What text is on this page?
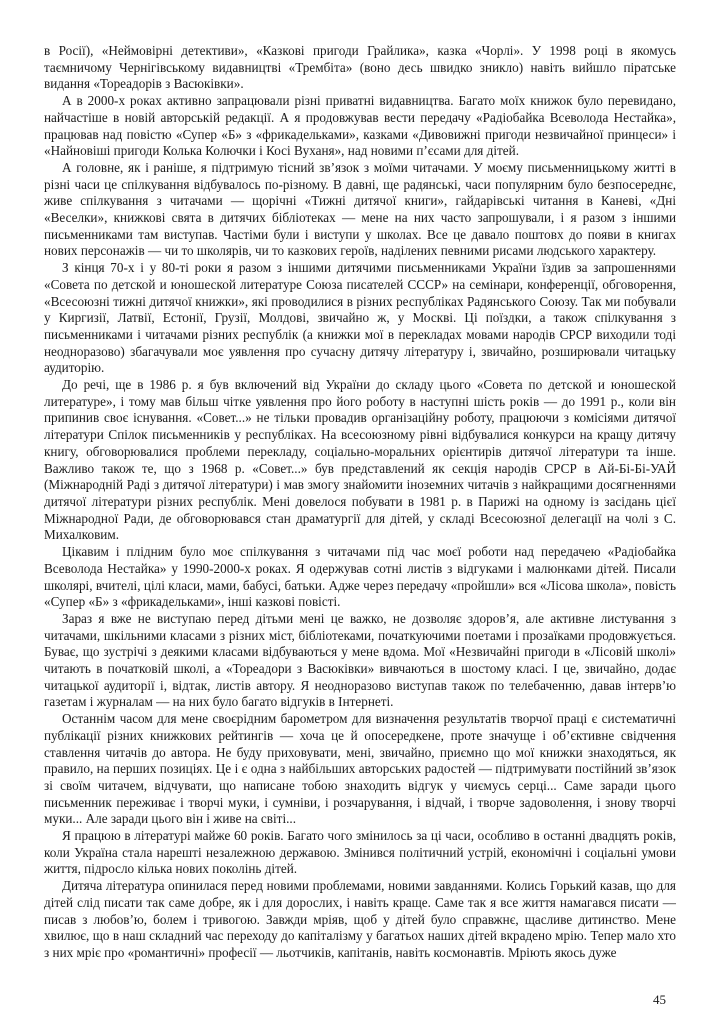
в Росії), «Неймовірні детективи», «Казкові пригоди Грайлика», казка «Чорлі». У 1998 році в якомусь таємничому Чернігівському видавництві «Трембіта» (воно десь швидко зникло) навіть вийшло піратське видання «Тореадорів з Васюківки».

А в 2000-х роках активно запрацювали різні приватні видавництва. Багато моїх книжок було перевидано, найчастіше в новій авторській редакції. А я продовжував вести передачу «Радіобайка Всеволода Нестайка», працював над повістю «Супер «Б» з «фрикадельками», казками «Дивовижні пригоди незвичайної принцеси» і «Найновіші пригоди Колька Колючки і Косі Вуханя», над новими п’єсами для дітей.

А головне, як і раніше, я підтримую тісний зв’язок з моїми читачами. У моєму письменницькому житті в різні часи це спілкування відбувалось по-різному. В давні, ще радянські, часи популярним було безпосереднє, живе спілкування з читачами — щорічні «Тижні дитячої книги», гайдарівські читання в Каневі, «Дні «Веселки», книжкові свята в дитячих бібліотеках — мене на них часто запрошували, і я разом з іншими письменниками там виступав. Частіми були і виступи у школах. Все це давало поштовх до появи в книгах нових персонажів — чи то школярів, чи то казкових героїв, наділених певними рисами людського характеру.

З кінця 70-х і у 80-ті роки я разом з іншими дитячими письменниками України їздив за запрошеннями «Совета по детской и юношеской литературе Союза писателей СССР» на семінари, конференції, обговорення, «Всесоюзні тижні дитячої книжки», які проводилися в різних республіках Радянського Союзу. Так ми побували у Киргизії, Латвії, Естонії, Грузії, Молдові, звичайно ж, у Москві. Ці поїздки, а також спілкування з письменниками і читачами різних республік (а книжки мої в перекладах мовами народів СРСР виходили тоді неодноразово) збагачували моє уявлення про сучасну дитячу літературу і, звичайно, розширювали читацьку аудиторію.

До речі, ще в 1986 р. я був включений від України до складу цього «Совета по детской и юношеской литературе», і тому мав більш чітке уявлення про його роботу в наступні шість років — до 1991 р., коли він припинив своє існування. «Совет...» не тільки провадив організаційну роботу, працюючи з комісіями дитячої літератури Спілок письменників у республіках. На всесоюзному рівні відбувалися конкурси на кращу дитячу книгу, обговорювалися проблеми перекладу, соціально-моральних орієнтирів дитячої літератури та інше. Важливо також те, що з 1968 р. «Совет...» був представлений як секція народів СРСР в Ай-Бі-Бі-УАЙ (Міжнародній Раді з дитячої літератури) і мав змогу знайомити іноземних читачів з найкращими досягненнями дитячої літератури різних республік. Мені довелося побувати в 1981 р. в Парижі на одному із засідань цієї Міжнародної Ради, де обговорювався стан драматургії для дітей, у складі Всесоюзної делегації на чолі з С. Михалковим.

Цікавим і плідним було моє спілкування з читачами під час моєї роботи над передачею «Радіобайка Всеволода Нестайка» у 1990-2000-х роках. Я одержував сотні листів з відгуками і малюнками дітей. Писали школярі, вчителі, цілі класи, мами, бабусі, батьки. Адже через передачу «пройшли» вся «Лісова школа», повість «Супер «Б» з «фрикадельками», інші казкові повісті.

Зараз я вже не виступаю перед дітьми мені це важко, не дозволяє здоров’я, але активне листування з читачами, шкільними класами з різних міст, бібліотеками, початкуючими поетами і прозаїками продовжується. Буває, що зустрічі з деякими класами відбуваються у мене вдома. Мої «Незвичайні пригоди в «Лісовій школі» читають в початковій школі, а «Тореадори з Васюківки» вивчаються в шостому класі. І це, звичайно, додає читацької аудиторії і, відтак, листів автору. Я неодноразово виступав також по телебаченню, давав інтерв’ю газетам і журналам — на них було багато відгуків в Інтернеті.

Останнім часом для мене своєрідним барометром для визначення результатів творчої праці є систематичні публікації різних книжкових рейтингів — хоча це й опосередкене, проте значуще і об’єктивне свідчення ставлення читачів до автора. Не буду приховувати, мені, звичайно, приємно що мої книжки знаходяться, як правило, на перших позиціях. Це і є одна з найбільших авторських радостей — підтримувати постійний зв’язок зі своїм читачем, відчувати, що написане тобою знаходить відгук у чиємусь серці... Саме заради цього письменник переживає і творчі муки, і сумніви, і розчарування, і відчай, і творче задоволення, і знову творчі муки... Але заради цього він і живе на світі...

Я працюю в літературі майже 60 років. Багато чого змінилось за ці часи, особливо в останні двадцять років, коли Україна стала нарешті незалежною державою. Змінився політичний устрій, економічні і соціальні умови життя, підросло кілька нових поколінь дітей.

Дитяча література опинилася перед новими проблемами, новими завданнями. Колись Горький казав, що для дітей слід писати так саме добре, як і для дорослих, і навіть краще. Саме так я все життя намагався писати — писав з любов’ю, болем і тривогою. Завжди мріяв, щоб у дітей було справжнє, щасливе дитинство. Мене хвилює, що в наш складний час переходу до капіталізму у багатьох наших дітей вкрадено мрію. Тепер мало хто з них мріє про «романтичні» професії — льотчиків, капітанів, навіть космонавтів. Мріють якось дуже

45
